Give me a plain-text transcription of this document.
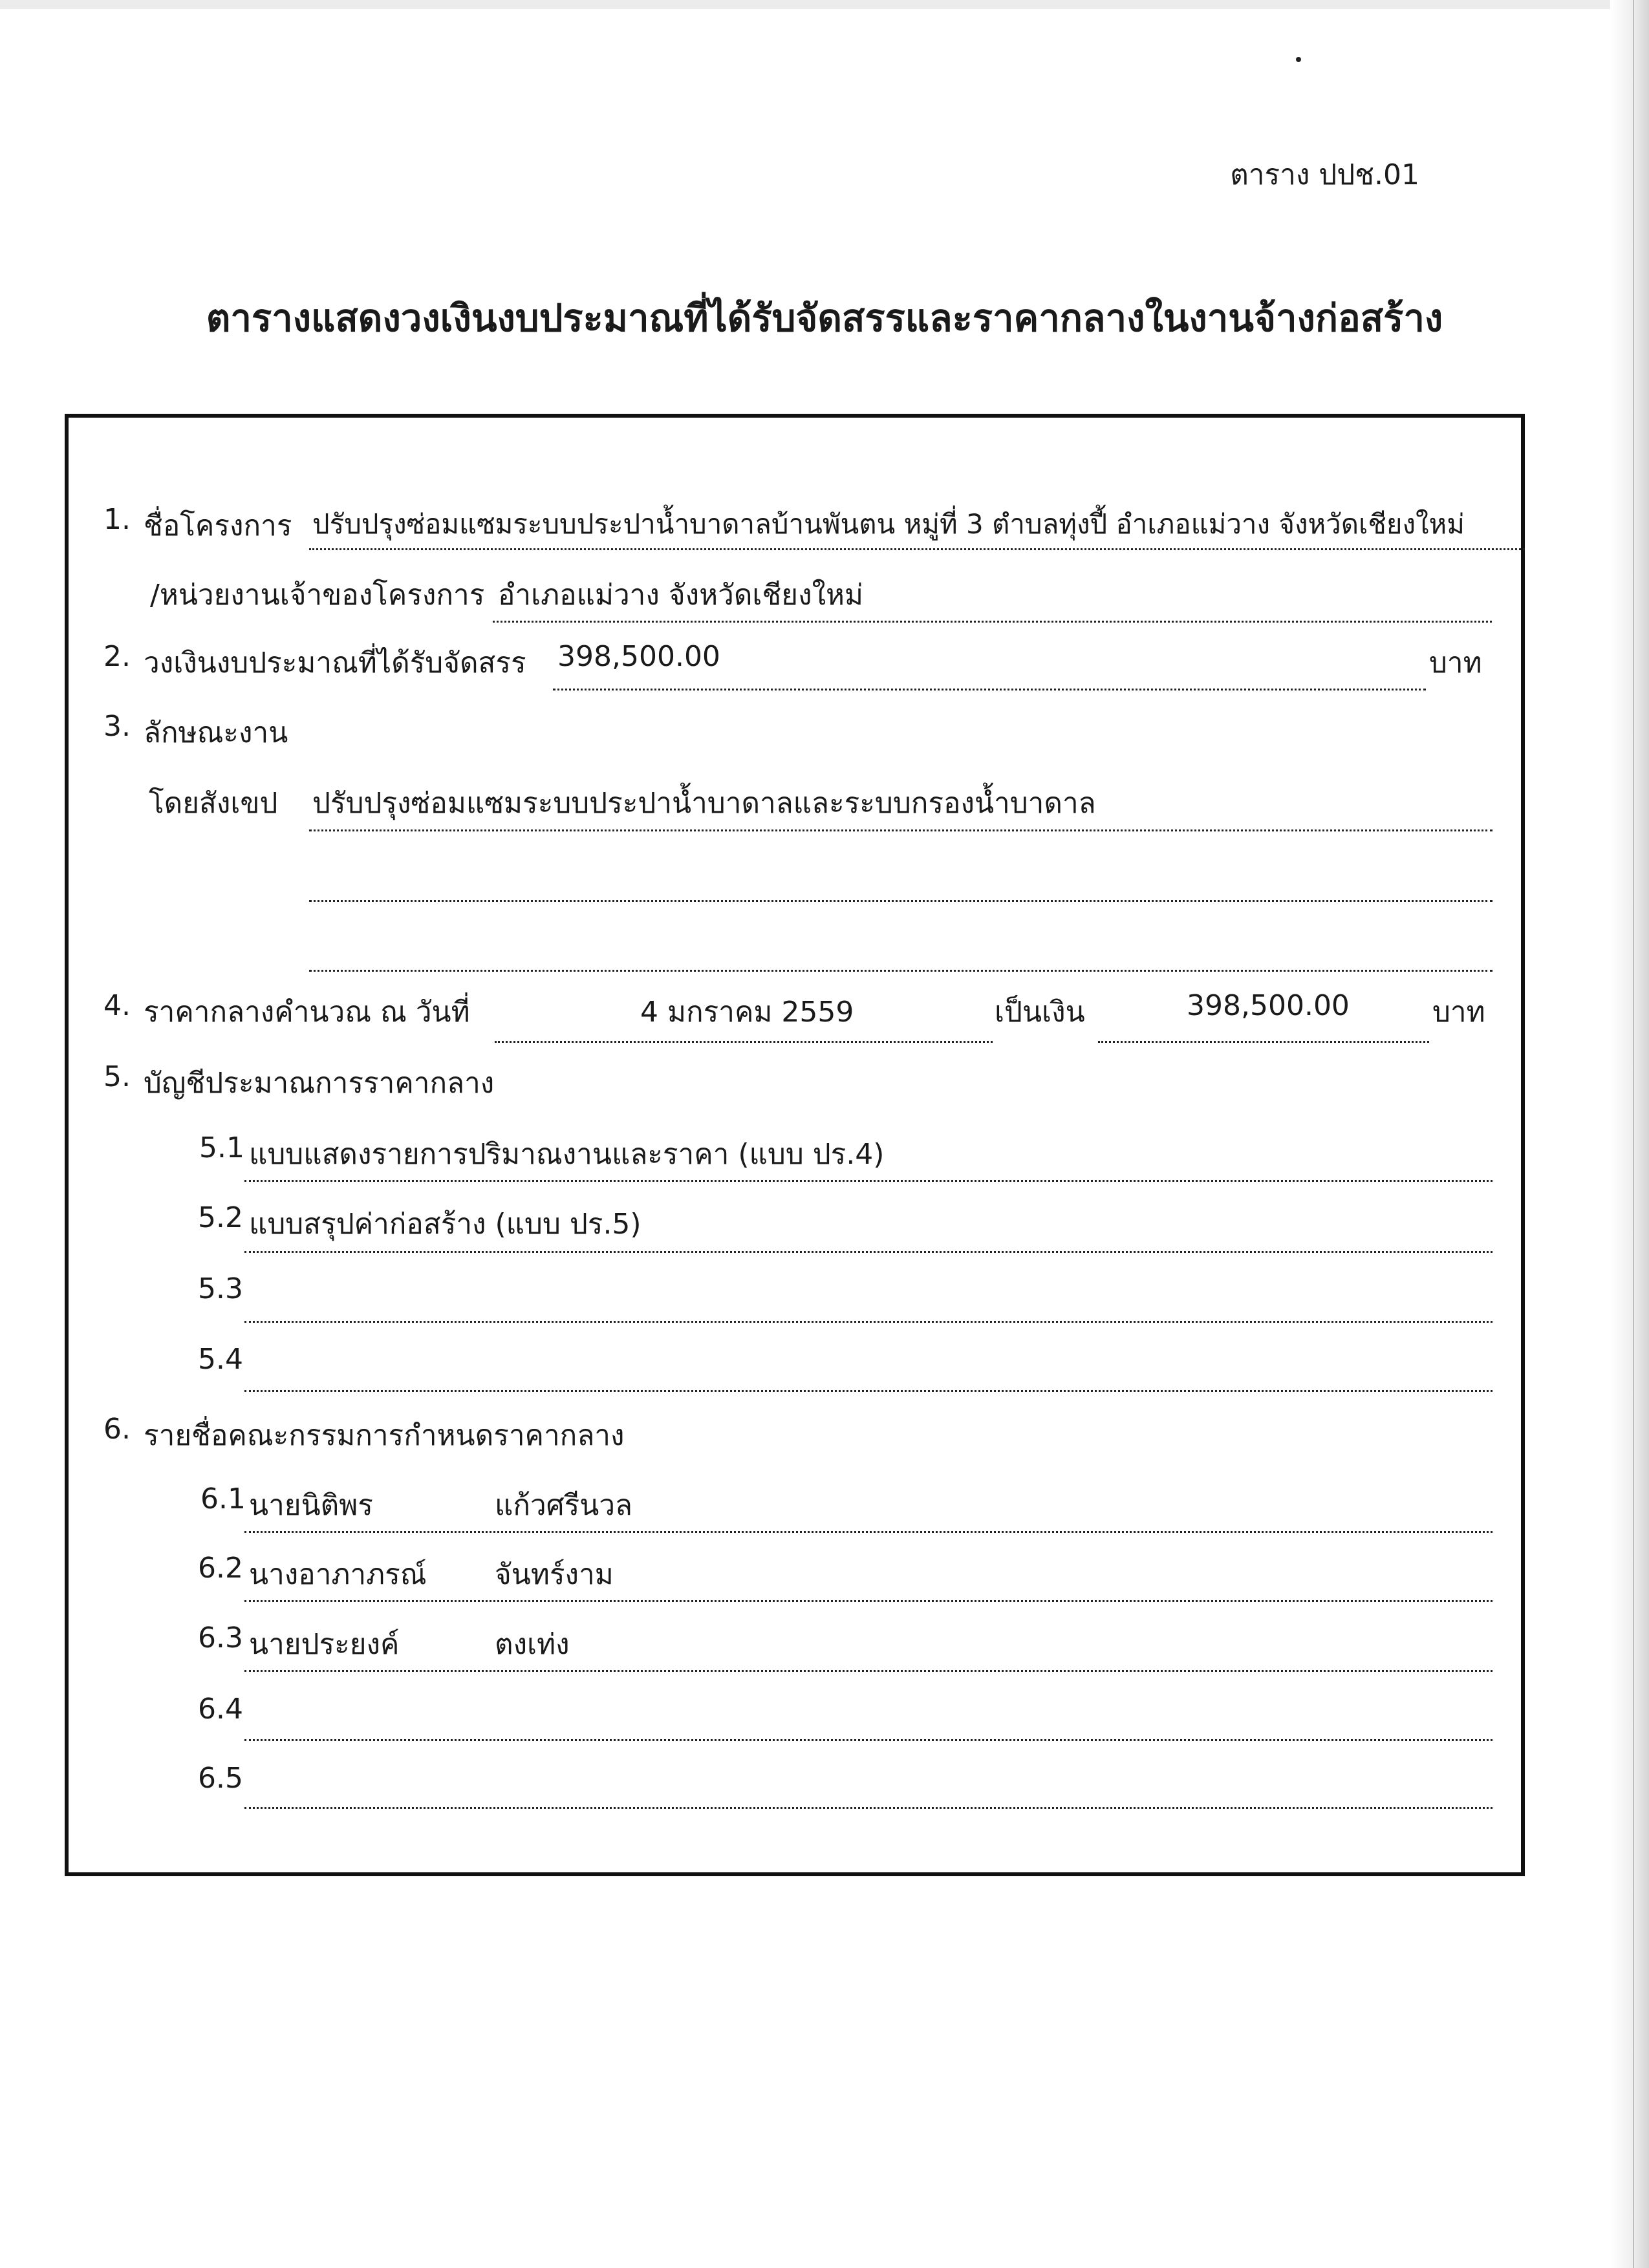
ตาราง ปปช.01
ตารางแสดงวงเงินงบประมาณที่ได้รับจัดสรรและราคากลางในงานจ้างก่อสร้าง
1. ชื่อโครงการ ปรับปรุงซ่อมแซมระบบประปาน้ำบาดาลบ้านพันตน หมู่ที่ 3 ตำบลทุ่งปี้ อำเภอแม่วาง จังหวัดเชียงใหม่
/หน่วยงานเจ้าของโครงการ อำเภอแม่วาง จังหวัดเชียงใหม่
2. วงเงินงบประมาณที่ได้รับจัดสรร 398,500.00	บาท
3. ลักษณะงาน
โดยสังเขป ปรับปรุงซ่อมแซมระบบประปาน้ำบาดาลและระบบกรองน้ำบาดาล
4. ราคากลางคำนวณ ณ วันที่	4 มกราคม 2559	เป็นเงิน	398,500.00	บาท
5. บัญชีประมาณการราคากลาง
5.1 แบบแสดงรายการปริมาณงานและราคา (แบบ ปร.4)
5.2 แบบสรุปค่าก่อสร้าง (แบบ ปร.5)
5.3
5.4
6. รายชื่อคณะกรรมการกำหนดราคากลาง
6.1 นายนิติพร	แก้วศรีนวล
6.2 นางอาภาภรณ์ จันทร์งาม
6.3 นายประยงค์	ตงเท่ง
6.4
6.5
